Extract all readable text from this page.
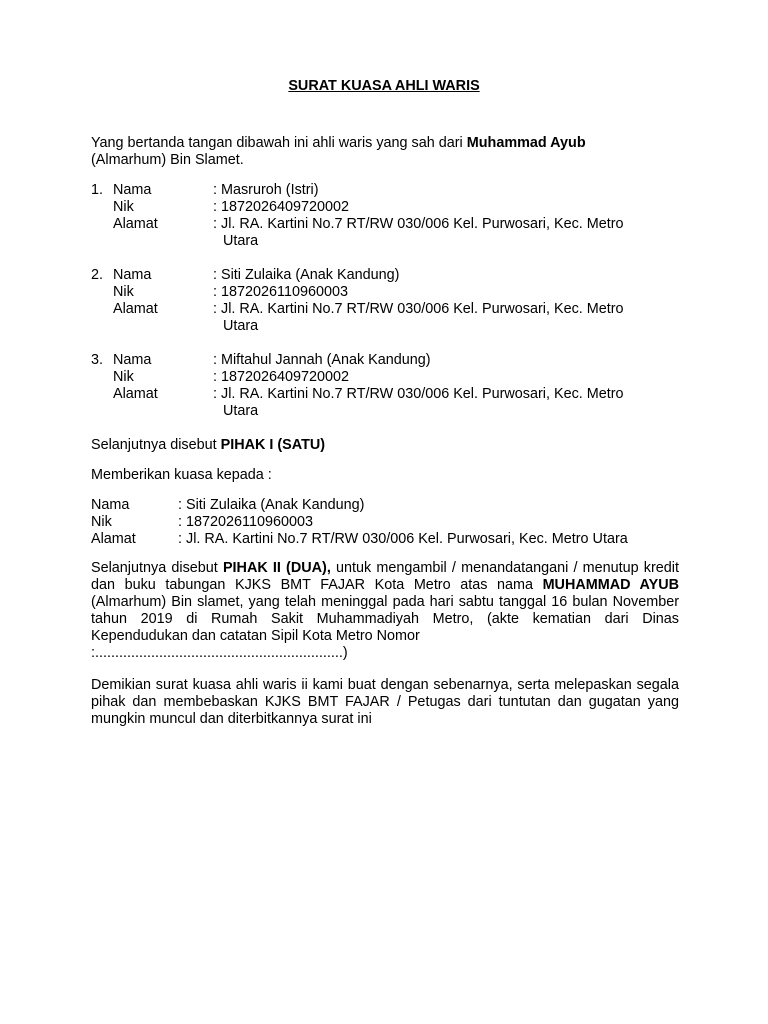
SURAT KUASA AHLI WARIS

Yang bertanda tangan dibawah ini ahli waris yang sah dari Muhammad Ayub
(Almarhum) Bin Slamet.

1. Nama	: Masruroh (Istri)
Nik	: 1872026409720002
Alamat	: Jl. RA. Kartini No.7 RT/RW 030/006 Kel. Purwosari, Kec. Metro
Utara
2. Nama	: Siti Zulaika (Anak Kandung)
Nik	: 1872026110960003
Alamat	: Jl. RA. Kartini No.7 RT/RW 030/006 Kel. Purwosari, Kec. Metro
Utara
3. Nama	: Miftahul Jannah (Anak Kandung)
Nik	: 1872026409720002
Alamat	: Jl. RA. Kartini No.7 RT/RW 030/006 Kel. Purwosari, Kec. Metro
Utara

Selanjutnya disebut PIHAK I (SATU)

Memberikan kuasa kepada :

Nama	: Siti Zulaika (Anak Kandung)
Nik	: 1872026110960003
Alamat	: Jl. RA. Kartini No.7 RT/RW 030/006 Kel. Purwosari, Kec. Metro Utara

Selanjutnya disebut PIHAK II (DUA), untuk mengambil / menandatangani / menutup kredit dan buku tabungan KJKS BMT FAJAR Kota Metro atas nama MUHAMMAD AYUB (Almarhum) Bin slamet, yang telah meninggal pada hari sabtu tanggal 16 bulan November tahun 2019 di Rumah Sakit Muhammadiyah Metro, (akte kematian dari Dinas Kependudukan dan catatan Sipil Kota Metro Nomor
:..............................................................)

Demikian surat kuasa ahli waris ii kami buat dengan sebenarnya, serta melepaskan segala pihak dan membebaskan KJKS BMT FAJAR / Petugas dari tuntutan dan gugatan yang mungkin muncul dan diterbitkannya surat ini
